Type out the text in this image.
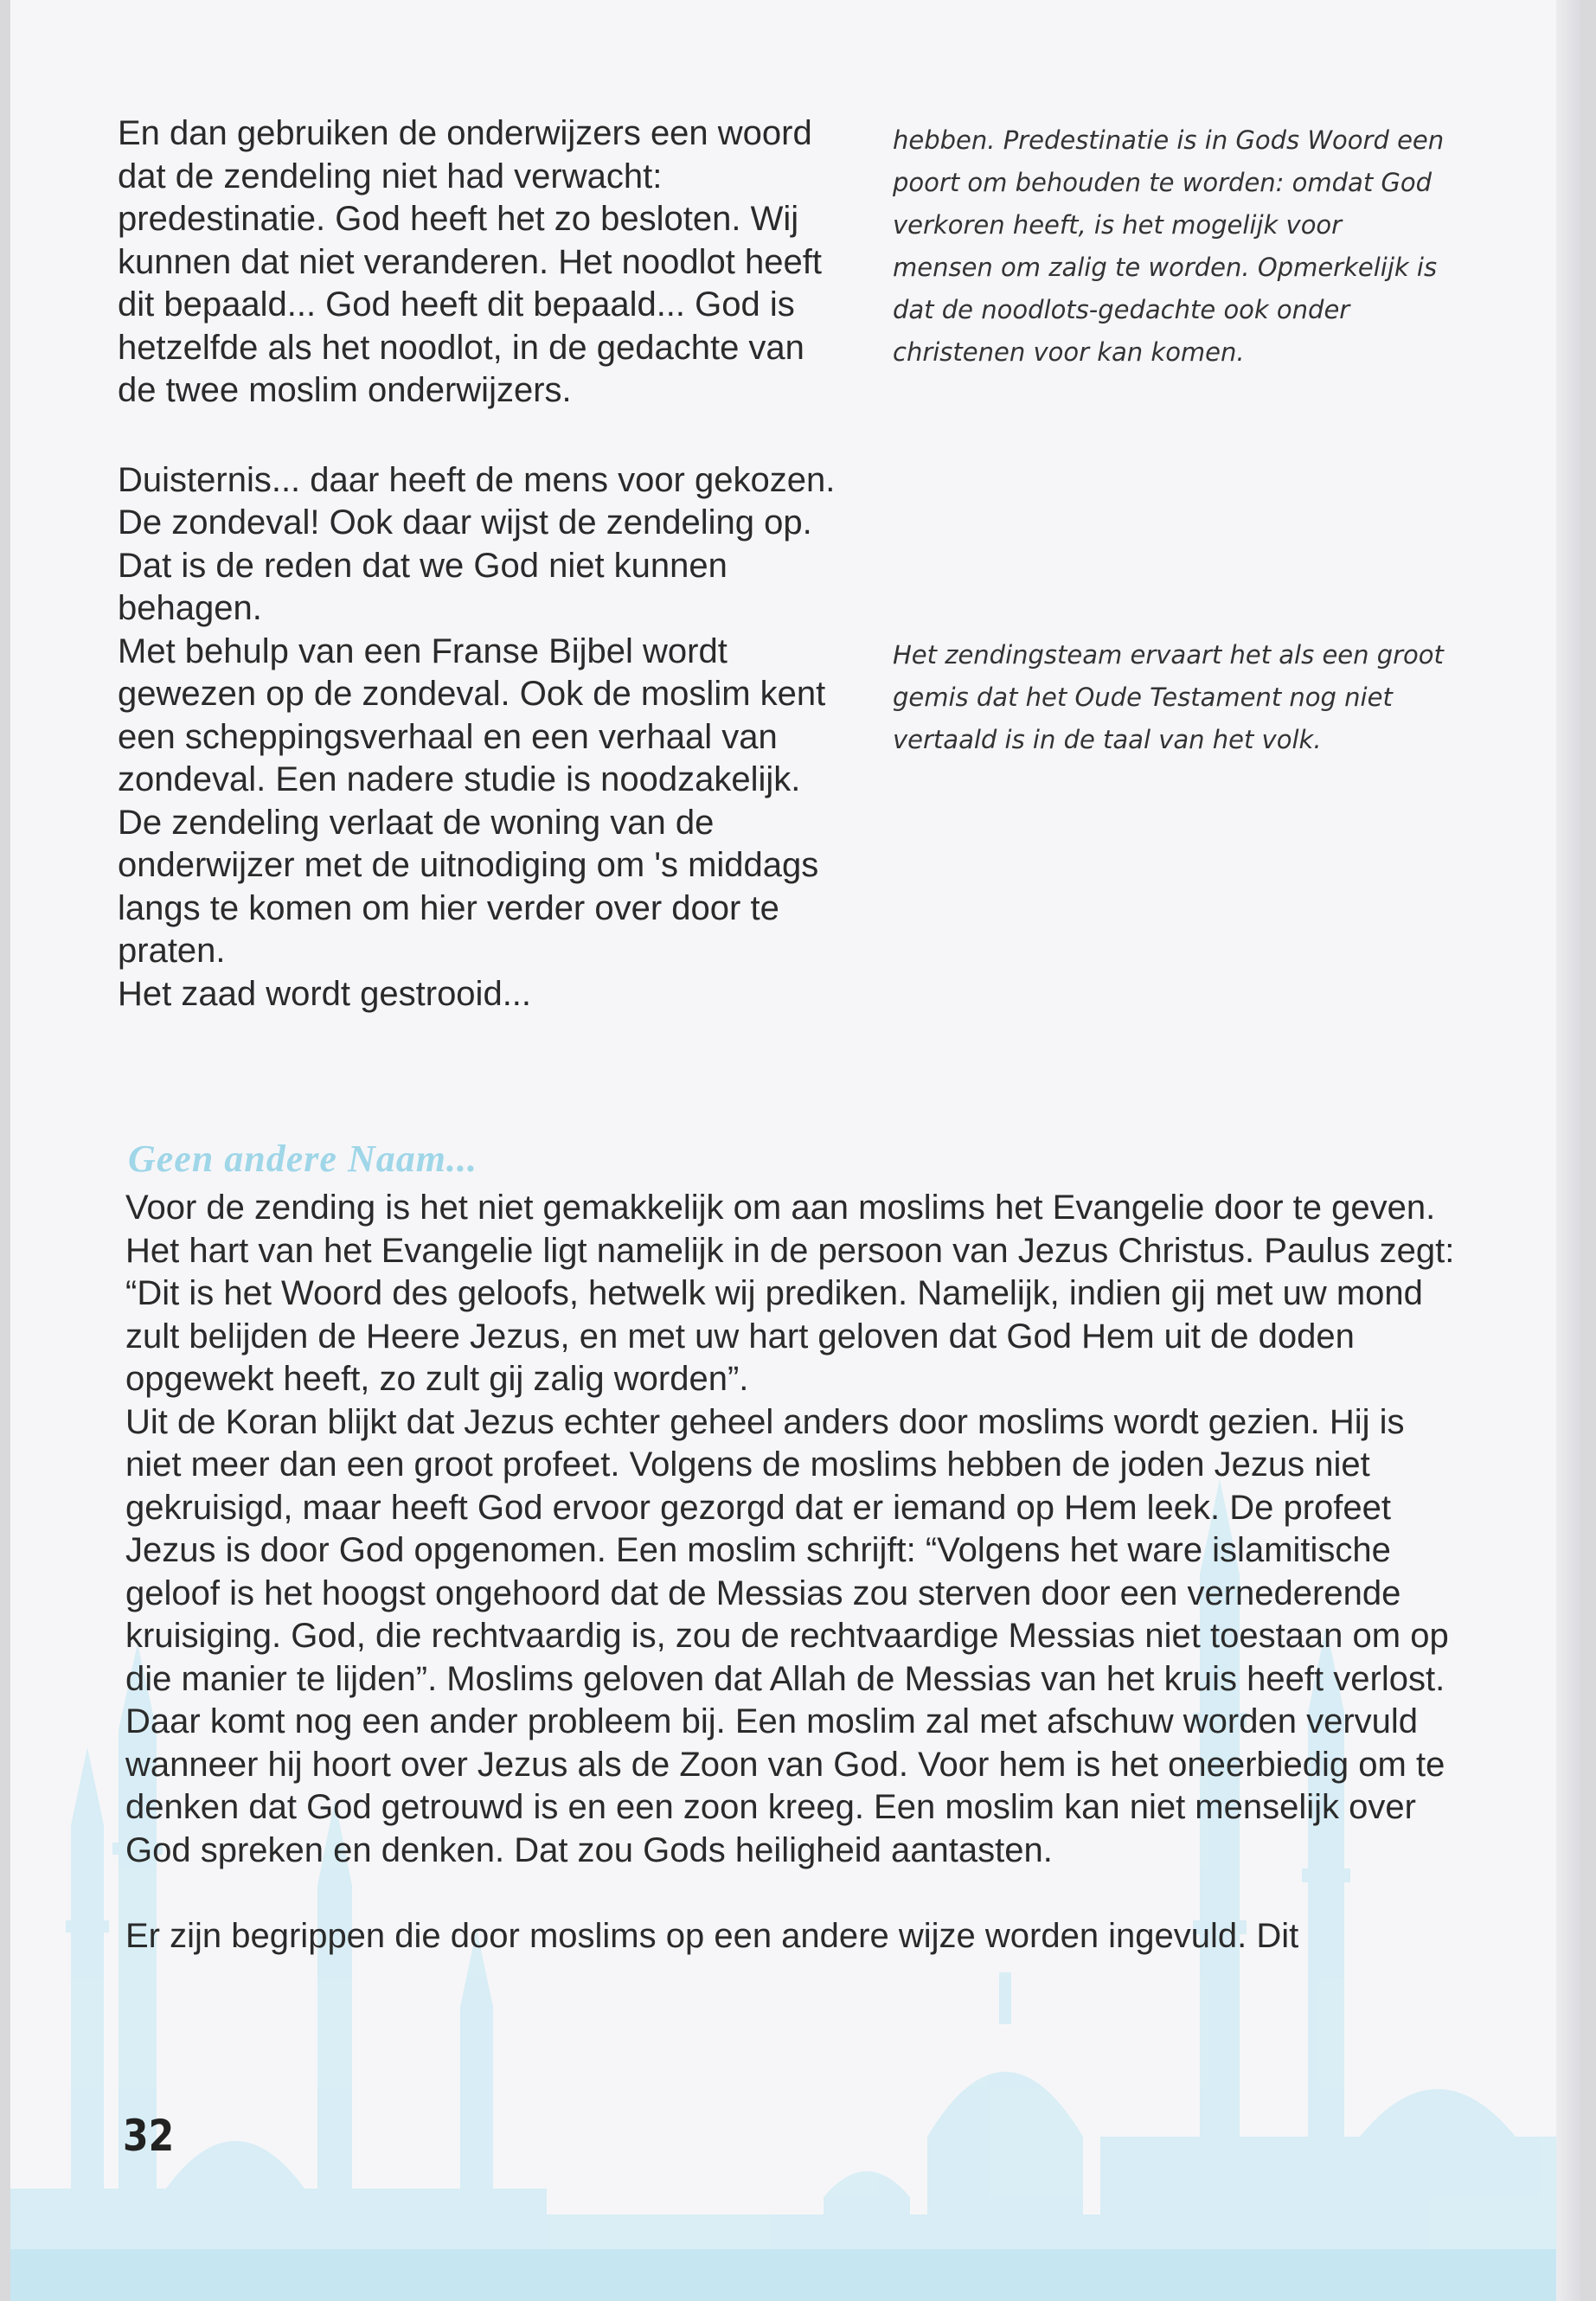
En dan gebruiken de onderwijzers een woord dat de zendeling niet had verwacht: predestinatie. God heeft het zo besloten. Wij kunnen dat niet veranderen. Het noodlot heeft dit bepaald... God heeft dit bepaald... God is hetzelfde als het noodlot, in de gedachte van de twee moslim onderwijzers.

Duisternis... daar heeft de mens voor gekozen. De zondeval! Ook daar wijst de zendeling op. Dat is de reden dat we God niet kunnen behagen.

Met behulp van een Franse Bijbel wordt gewezen op de zondeval. Ook de moslim kent een scheppingsverhaal en een verhaal van zondeval. Een nadere studie is noodzakelijk. De zendeling verlaat de woning van de onderwijzer met de uitnodiging om 's middags langs te komen om hier verder over door te praten.

Het zaad wordt gestrooid...

hebben. Predestinatie is in Gods Woord een poort om behouden te worden: omdat God verkoren heeft, is het mogelijk voor mensen om zalig te worden. Opmerkelijk is dat de noodlots-gedachte ook onder christenen voor kan komen.

Het zendingsteam ervaart het als een groot gemis dat het Oude Testament nog niet vertaald is in de taal van het volk.

Geen andere Naam...

Voor de zending is het niet gemakkelijk om aan moslims het Evangelie door te geven. Het hart van het Evangelie ligt namelijk in de persoon van Jezus Christus. Paulus zegt: “Dit is het Woord des geloofs, hetwelk wij prediken. Namelijk, indien gij met uw mond zult belijden de Heere Jezus, en met uw hart geloven dat God Hem uit de doden opgewekt heeft, zo zult gij zalig worden”.

Uit de Koran blijkt dat Jezus echter geheel anders door moslims wordt gezien. Hij is niet meer dan een groot profeet. Volgens de moslims hebben de joden Jezus niet gekruisigd, maar heeft God ervoor gezorgd dat er iemand op Hem leek. De profeet Jezus is door God opgenomen. Een moslim schrijft: “Volgens het ware islamitische geloof is het hoogst ongehoord dat de Messias zou sterven door een vernederende kruisiging. God, die rechtvaardig is, zou de rechtvaardige Messias niet toestaan om op die manier te lijden”. Moslims geloven dat Allah de Messias van het kruis heeft verlost.

Daar komt nog een ander probleem bij. Een moslim zal met afschuw worden vervuld wanneer hij hoort over Jezus als de Zoon van God. Voor hem is het oneerbiedig om te denken dat God getrouwd is en een zoon kreeg. Een moslim kan niet menselijk over God spreken en denken. Dat zou Gods heiligheid aantasten.

Er zijn begrippen die door moslims op een andere wijze worden ingevuld. Dit

32
